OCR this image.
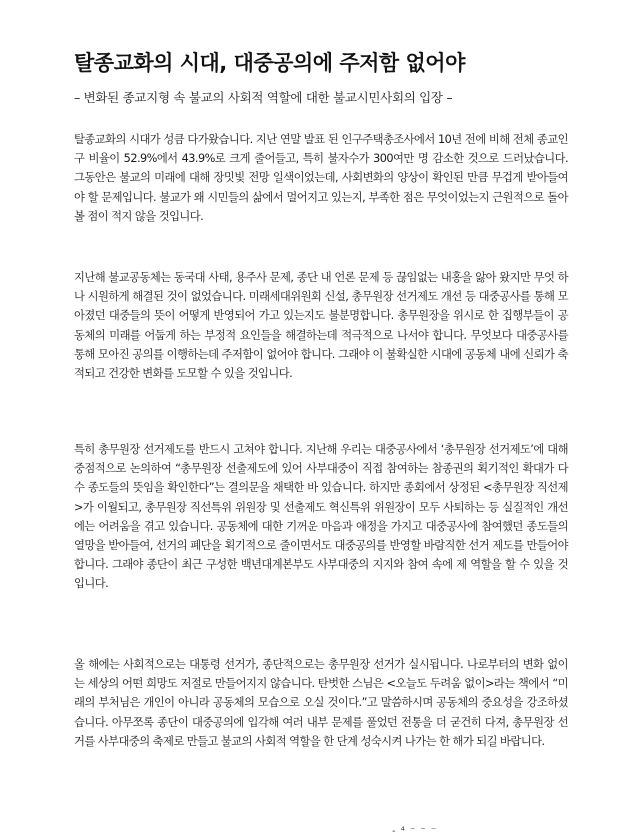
탈종교화의 시대, 대중공의에 주저함 없어야

– 변화된 종교지형 속 불교의 사회적 역할에 대한 불교시민사회의 입장 –

탈종교화의 시대가 성큼 다가왔습니다. 지난 연말 발표 된 인구주택총조사에서 10년 전에 비해 전체 종교인구 비율이 52.9%에서 43.9%로 크게 줄어들고, 특히 불자수가 300여만 명 감소한 것으로 드러났습니다. 그동안은 불교의 미래에 대해 장밋빛 전망 일색이었는데, 사회변화의 양상이 확인된 만큼 무겁게 받아들여야 할 문제입니다. 불교가 왜 시민들의 삶에서 멀어지고 있는지, 부족한 점은 무엇이었는지 근원적으로 돌아볼 점이 적지 않을 것입니다.

지난해 불교공동체는 동국대 사태, 용주사 문제, 종단 내 언론 문제 등 끊임없는 내홍을 앓아 왔지만 무엇 하나 시원하게 해결된 것이 없었습니다. 미래세대위원회 신설, 총무원장 선거제도 개선 등 대중공사를 통해 모아졌던 대중들의 뜻이 어떻게 반영되어 가고 있는지도 불분명합니다. 총무원장을 위시로 한 집행부들이 공동체의 미래를 어둡게 하는 부정적 요인들을 해결하는데 적극적으로 나서야 합니다. 무엇보다 대중공사를 통해 모아진 공의를 이행하는데 주저함이 없어야 합니다. 그래야 이 불확실한 시대에 공동체 내에 신뢰가 축적되고 건강한 변화를 도모할 수 있을 것입니다.

특히 총무원장 선거제도를 반드시 고쳐야 합니다. 지난해 우리는 대중공사에서 ‘총무원장 선거제도’에 대해 중점적으로 논의하여 “총무원장 선출제도에 있어 사부대중이 직접 참여하는 참종권의 획기적인 확대가 다수 종도들의 뜻임을 확인한다”는 결의문을 채택한 바 있습니다. 하지만 종회에서 상정된 <총무원장 직선제>가 이월되고, 총무원장 직선특위 위원장 및 선출제도 혁신특위 위원장이 모두 사퇴하는 등 실질적인 개선에는 어려움을 겪고 있습니다. 공동체에 대한 기꺼운 마음과 애정을 가지고 대중공사에 참여했던 종도들의 열망을 받아들여, 선거의 폐단을 획기적으로 줄이면서도 대중공의를 반영할 바람직한 선거 제도를 만들어야 합니다. 그래야 종단이 최근 구성한 백년대계본부도 사부대중의 지지와 참여 속에 제 역할을 할 수 있을 것입니다.

올 해에는 사회적으로는 대통령 선거가, 종단적으로는 총무원장 선거가 실시됩니다. 나로부터의 변화 없이는 세상의 어떤 희망도 저절로 만들어지지 않습니다. 탄벗한 스님은 <오늘도 두려움 없이>라는 책에서 “미래의 부처님은 개인이 아니라 공동체의 모습으로 오실 것이다.”고 말씀하시며 공동체의 중요성을 강조하셨습니다. 아무쪼록 종단이 대중공의에 입각해 여러 내부 문제를 풀었던 전통을 더 굳건히 다져, 총무원장 선거를 사부대중의 축제로 만들고 불교의 사회적 역할을 한 단계 성숙시켜 나가는 한 해가 되길 바랍니다.

- ⁴ ⁻ ⁻ ⁻
